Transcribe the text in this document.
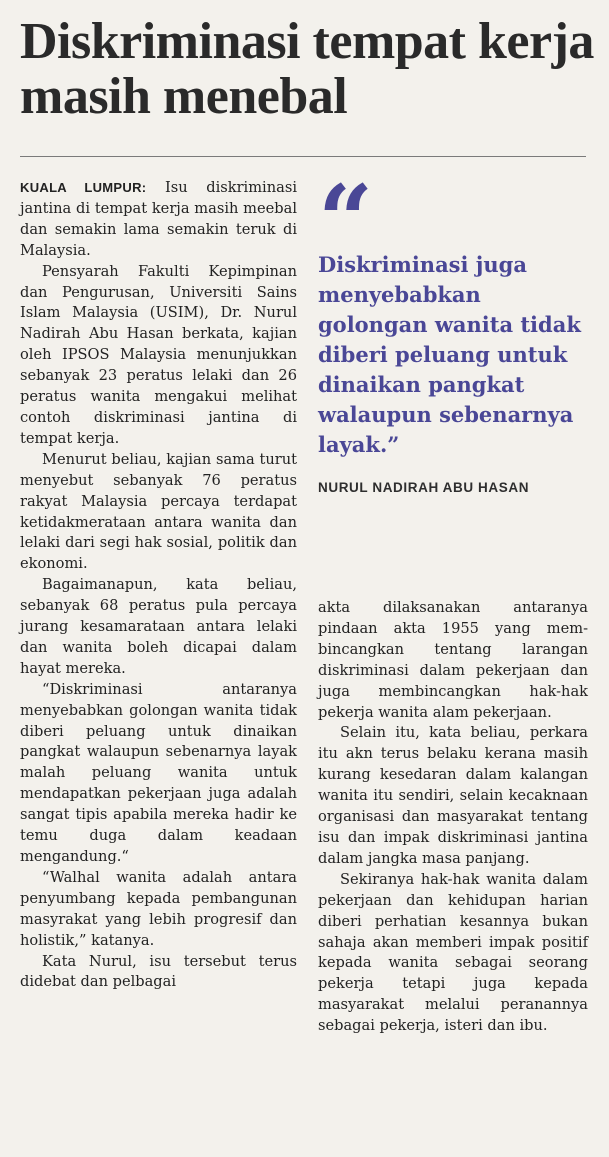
Diskriminasi tempat kerja masih menebal

KUALA LUMPUR: Isu diskriminasi jantina di tempat kerja masih meebal dan semakin lama semakin teruk di Malaysia.

Pensyarah Fakulti Kepimpinan dan Pengurusan, Universiti Sains Islam Malaysia (USIM), Dr. Nurul Nadirah Abu Hasan berkata, kajian oleh IPSOS Malaysia menunjukkan sebanyak 23 peratus lelaki dan 26 peratus wanita mengakui melihat contoh diskriminasi jantina di tempat kerja.

Menurut beliau, kajian sama turut menyebut sebanyak 76 peratus rakyat Malaysia percaya terdapat ketidakmerataan antara wanita dan lelaki dari segi hak sosial, politik dan ekonomi.

Bagaimanapun, kata beliau, sebanyak 68 peratus pula percaya jurang kesamarataan antara lelaki dan wanita boleh dicapai dalam hayat mereka.

“Diskriminasi antaranya menyebabkan golongan wanita tidak diberi peluang untuk dinaikan pangkat walaupun sebenarnya layak malah peluang wanita untuk mendapatkan pekerjaan juga adalah sangat tipis apabila mereka hadir ke temu duga dalam keadaan mengandung.“

“Walhal wanita adalah antara penyumbang kepada pembangunan masyrakat yang lebih progresif dan holistik,” katanya.

Kata Nurul, isu tersebut terus didebat dan pelbagai

“

Diskriminasi juga menyebabkan golongan wanita tidak diberi peluang untuk dinaikan pangkat walaupun sebenarnya layak.”

NURUL NADIRAH ABU HASAN

akta dilaksanakan antaranya pindaan akta 1955 yang membincangkan tentang larangan diskriminasi dalam pekerjaan dan juga membincangkan hak-hak pekerja wanita alam pekerjaan.

Selain itu, kata beliau, perkara itu akn terus belaku kerana masih kurang kesedaran dalam kalangan wanita itu sendiri, selain kecaknaan organisasi dan masyarakat tentang isu dan impak diskriminasi jantina dalam jangka masa panjang.

Sekiranya hak-hak wanita dalam pekerjaan dan kehidupan harian diberi perhatian kesannya bukan sahaja akan memberi impak positif kepada wanita sebagai seorang pekerja tetapi juga kepada masyarakat melalui peranannya sebagai pekerja, isteri dan ibu.
